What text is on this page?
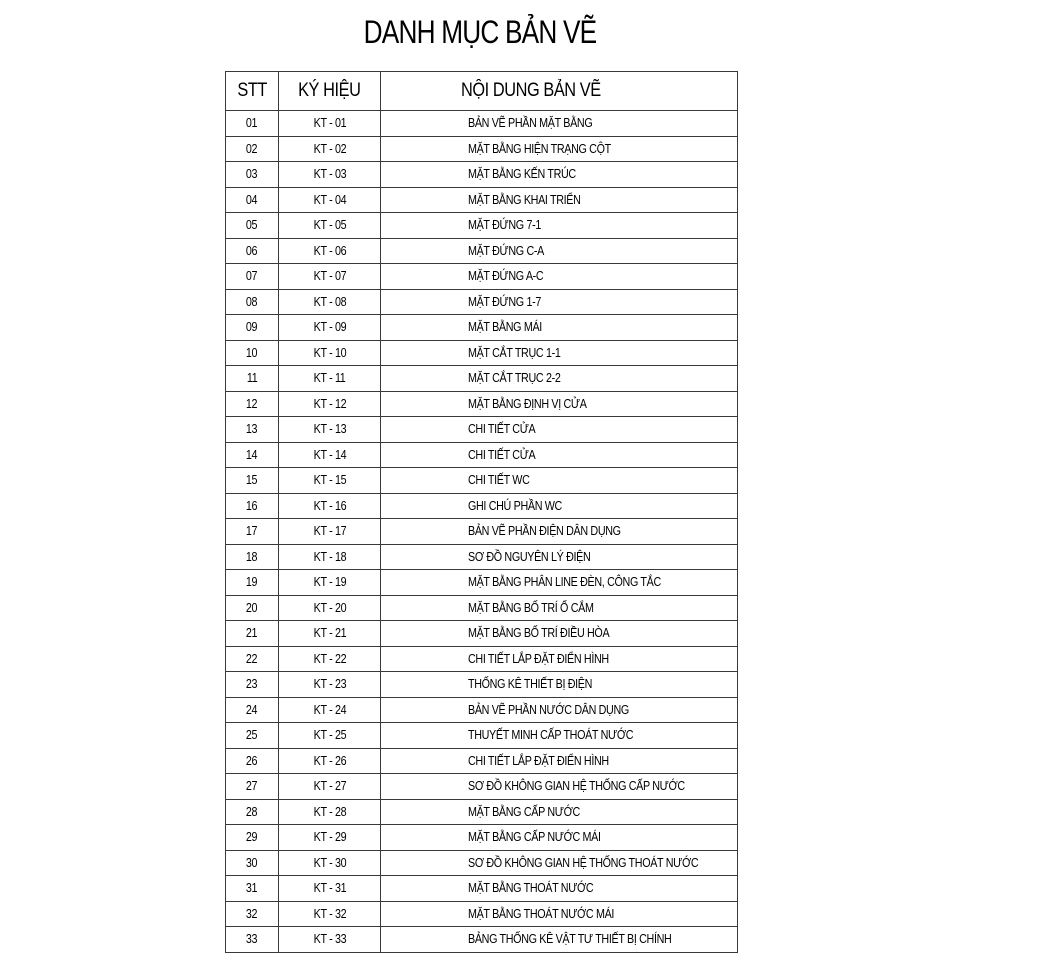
DANH MỤC BẢN VẼ
STT	KÝ HIỆU	NỘI DUNG BẢN VẼ
01	KT - 01	BẢN VẼ PHẦN MẶT BẰNG
02	KT - 02	MẶT BẰNG HIỆN TRẠNG CỘT
03	KT - 03	MẶT BẰNG KẾN TRÚC
04	KT - 04	MẶT BẰNG KHAI TRIỂN
05	KT - 05	MẶT ĐỨNG 7-1
06	KT - 06	MẶT ĐỨNG C-A
07	KT - 07	MẶT ĐỨNG A-C
08	KT - 08	MẶT ĐỨNG 1-7
09	KT - 09	MẶT BẰNG MÁI
10	KT - 10	MẶT CẮT TRỤC 1-1
11	KT - 11	MẶT CẮT TRỤC 2-2
12	KT - 12	MẶT BẰNG ĐỊNH VỊ CỬA
13	KT - 13	CHI TIẾT CỬA
14	KT - 14	CHI TIẾT CỬA
15	KT - 15	CHI TIẾT WC
16	KT - 16	GHI CHÚ PHẦN WC
17	KT - 17	BẢN VẼ PHẦN ĐIỆN DÂN DỤNG
18	KT - 18	SƠ ĐỒ NGUYÊN LÝ ĐIỆN
19	KT - 19	MẶT BẰNG PHÂN LINE ĐÈN, CÔNG TẮC
20	KT - 20	MẶT BẰNG BỐ TRÍ Ổ CẮM
21	KT - 21	MẶT BẰNG BỐ TRÍ ĐIỀU HÒA
22	KT - 22	CHI TIẾT LẮP ĐẶT ĐIỂN HÌNH
23	KT - 23	THỐNG KÊ THIẾT BỊ ĐIỆN
24	KT - 24	BẢN VẼ PHẦN NƯỚC DÂN DỤNG
25	KT - 25	THUYẾT MINH CẤP THOÁT NƯỚC
26	KT - 26	CHI TIẾT LẮP ĐẶT ĐIỂN HÌNH
27	KT - 27	SƠ ĐỒ KHÔNG GIAN HỆ THỐNG CẤP NƯỚC
28	KT - 28	MẶT BẰNG CẤP NƯỚC
29	KT - 29	MẶT BẰNG CẤP NƯỚC MÁI
30	KT - 30	SƠ ĐỒ KHÔNG GIAN HỆ THỐNG THOÁT NƯỚC
31	KT - 31	MẶT BẰNG THOÁT NƯỚC
32	KT - 32	MẶT BẰNG THOÁT NƯỚC MÁI
33	KT - 33	BẢNG THỐNG KÊ VẬT TƯ THIẾT BỊ CHÍNH
